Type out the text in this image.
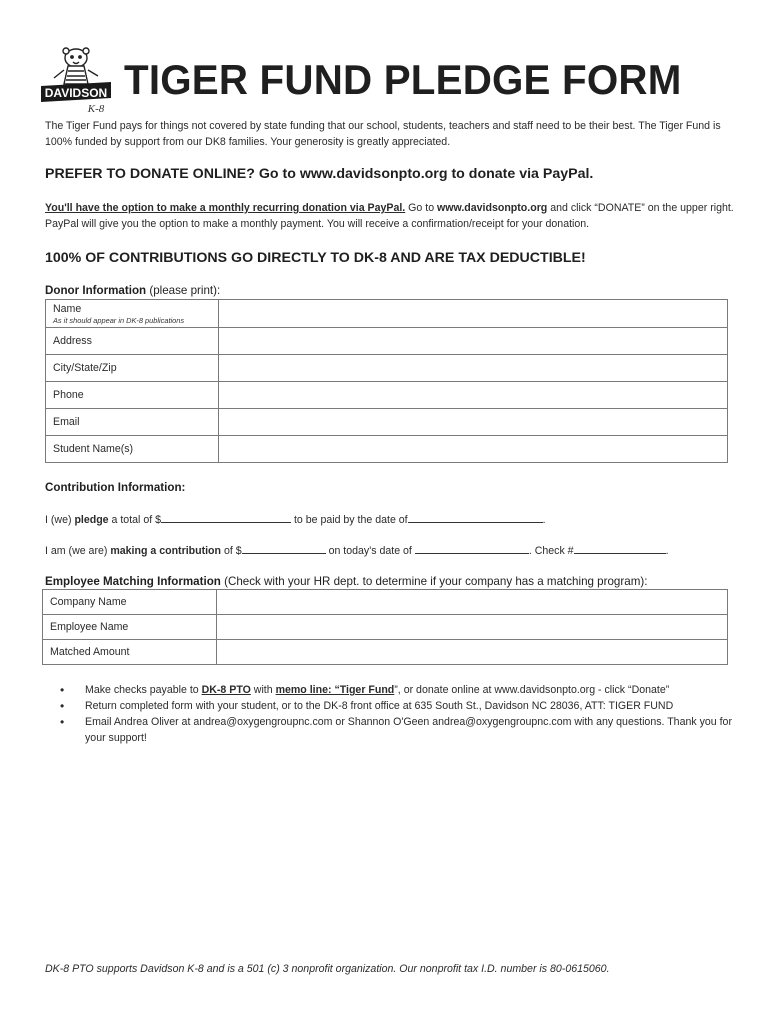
DAVIDSON
K-8
TIGER FUND PLEDGE FORM
The Tiger Fund pays for things not covered by state funding that our school, students, teachers and staff need to be their best. The Tiger Fund is 100% funded by support from our DK8 families. Your generosity is greatly appreciated.
PREFER TO DONATE ONLINE? Go to www.davidsonpto.org to donate via PayPal.
You'll have the option to make a monthly recurring donation via PayPal. Go to www.davidsonpto.org and click “DONATE” on the upper right. PayPal will give you the option to make a monthly payment. You will receive a confirmation/receipt for your donation.
100% OF CONTRIBUTIONS GO DIRECTLY TO DK-8 AND ARE TAX DEDUCTIBLE!
Donor Information (please print):
Name
As it should appear in DK-8 publications	

Address	
City/State/Zip	
Phone	
Email	
Student Name(s)	
Contribution Information:
I (we) pledge a total of $	to be paid by the date of	.
I am (we are) making a contribution of $	on today's date of	. Check #	.
Employee Matching Information (Check with your HR dept. to determine if your company has a matching program):
Company Name	
Employee Name	
Matched Amount	
• Make checks payable to DK-8 PTO with memo line: “Tiger Fund”, or donate online at www.davidsonpto.org - click “Donate”
• Return completed form with your student, or to the DK-8 front office at 635 South St., Davidson NC 28036, ATT: TIGER FUND
• Email Andrea Oliver at andrea@oxygengroupnc.com or Shannon O'Geen andrea@oxygengroupnc.com with any questions. Thank you for your support!
DK-8 PTO supports Davidson K-8 and is a 501 (c) 3 nonprofit organization. Our nonprofit tax I.D. number is 80-0615060.
